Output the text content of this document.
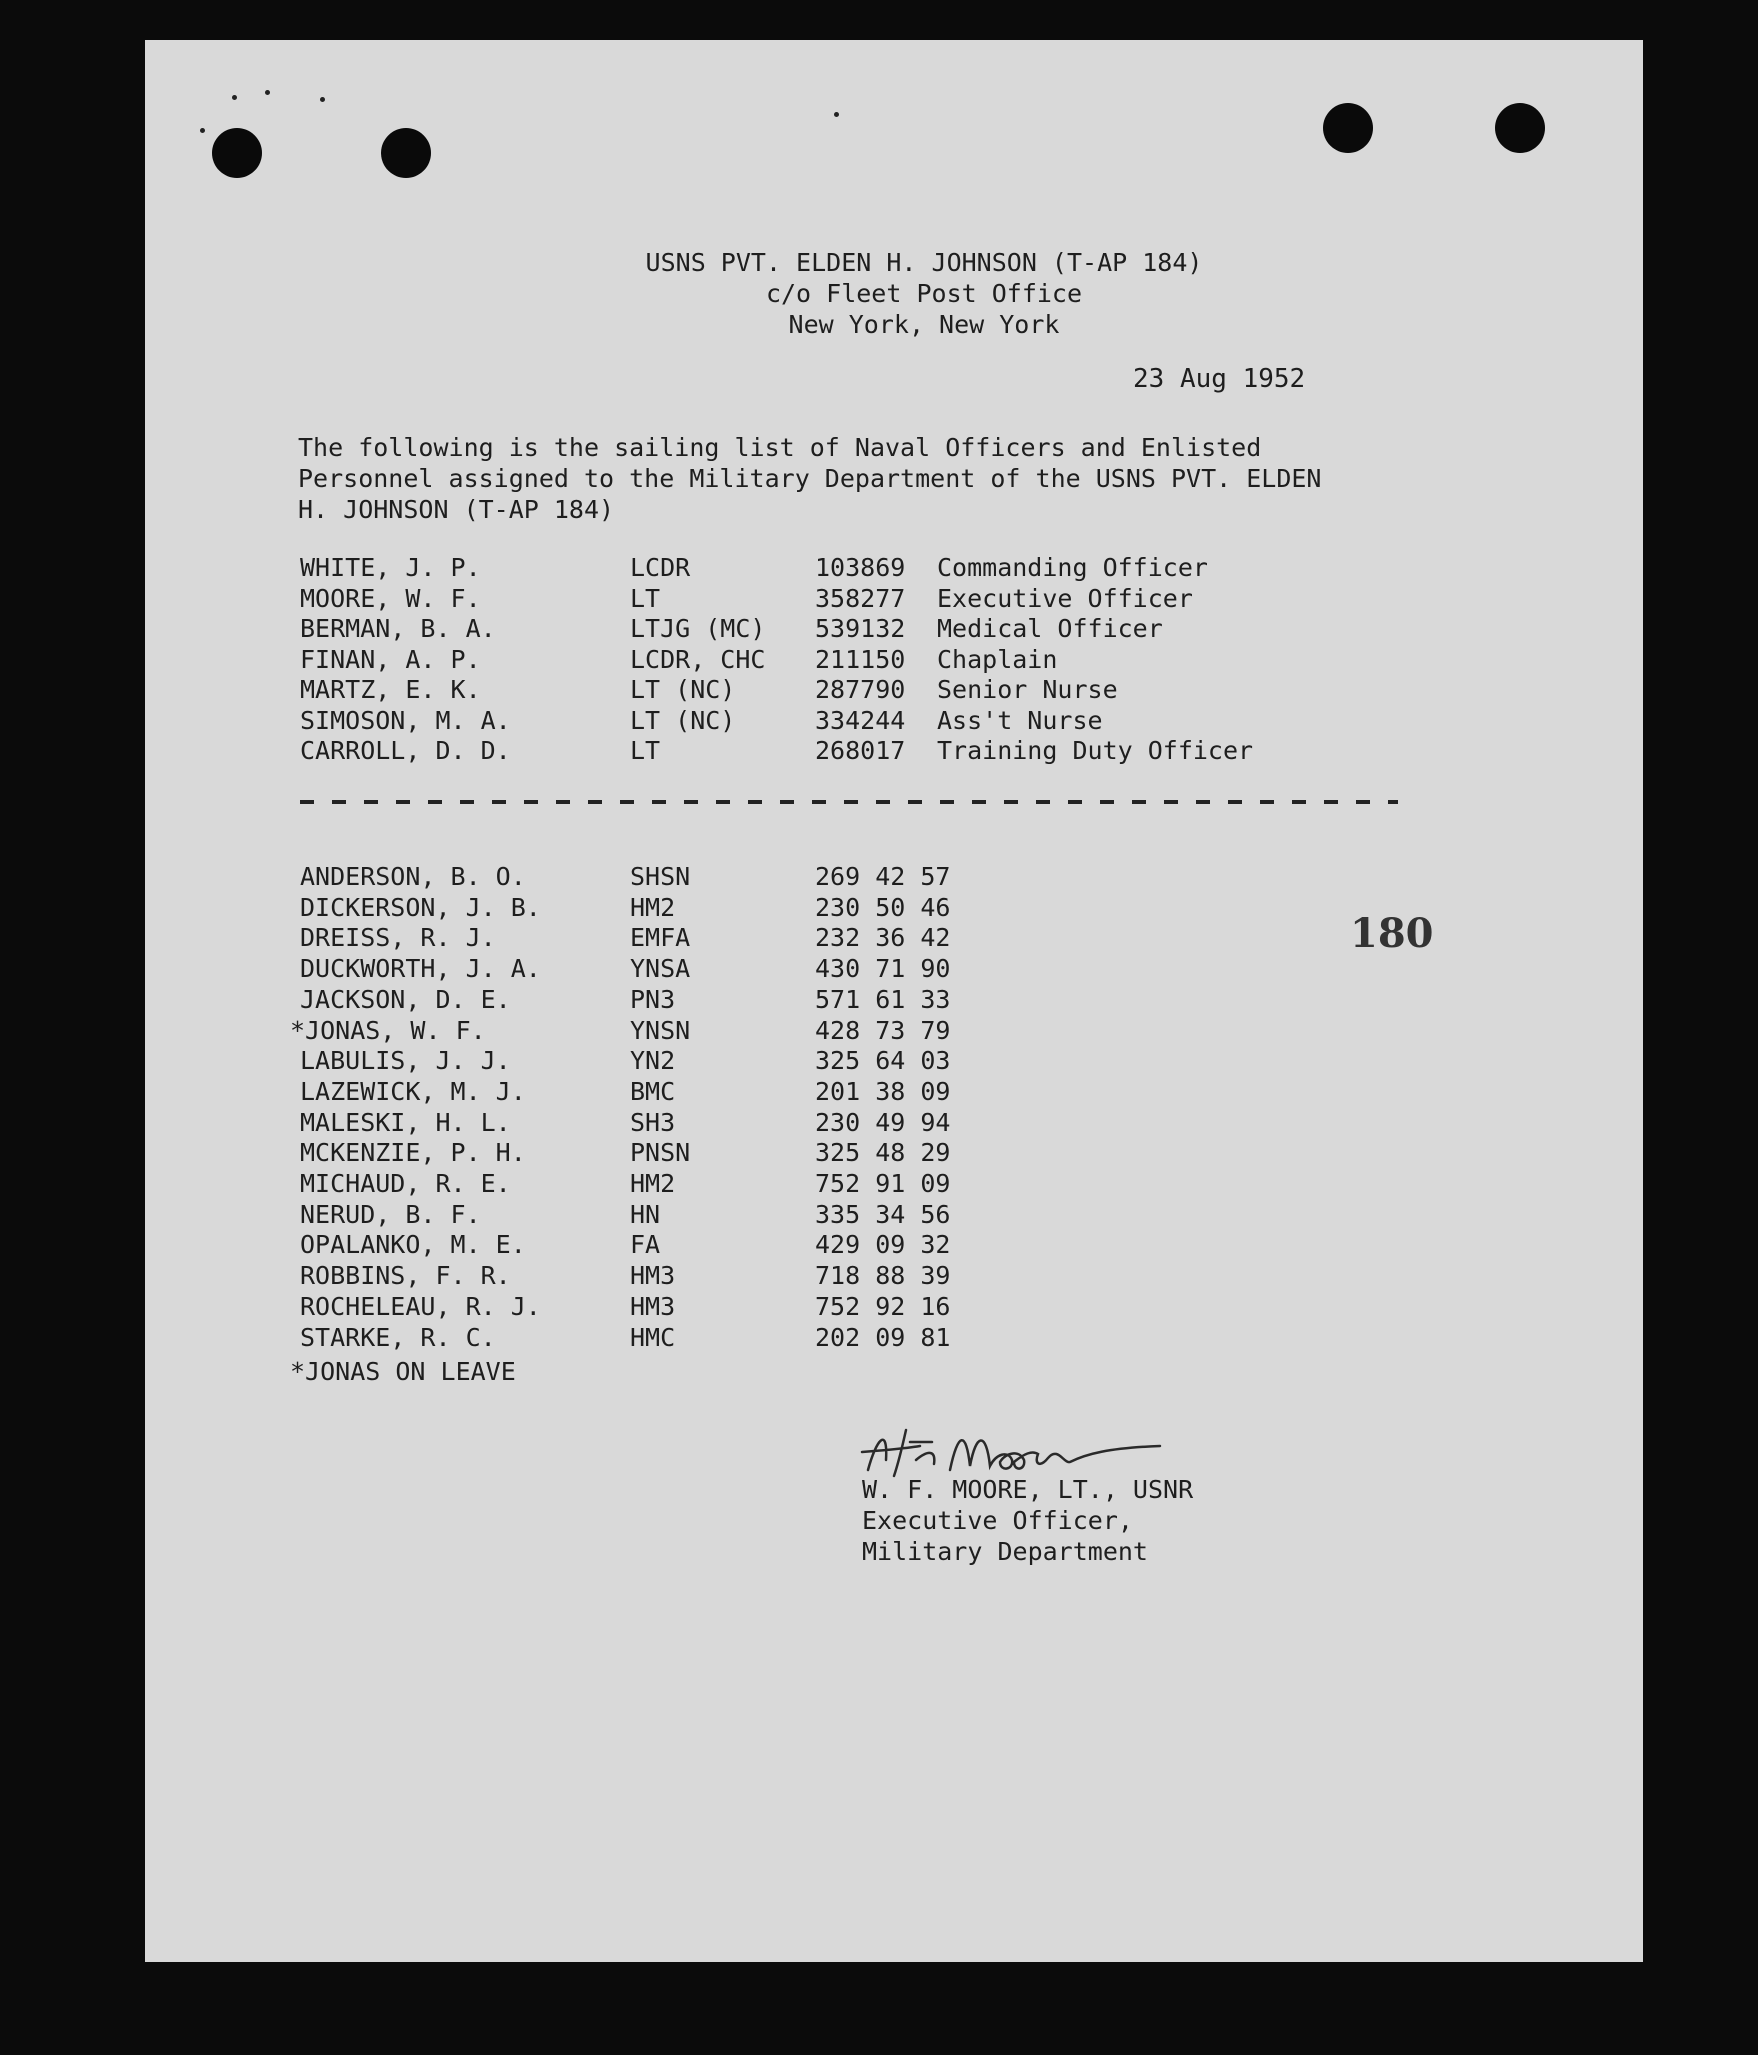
USNS PVT. ELDEN H. JOHNSON (T-AP 184)
c/o Fleet Post Office
New York, New York
23 Aug 1952
The following is the sailing list of Naval Officers and Enlisted
Personnel assigned to the Military Department of the USNS PVT. ELDEN
H. JOHNSON (T-AP 184)
WHITE, J. P.	LCDR	103869 Commanding Officer
MOORE, W. F.	LT	358277 Executive Officer
BERMAN, B. A.	LTJG (MC) 539132 Medical Officer
FINAN, A. P.	LCDR, CHC 211150 Chaplain
MARTZ, E. K.	LT (NC)	287790 Senior Nurse
SIMOSON, M. A.	LT (NC)	334244 Ass't Nurse
CARROLL, D. D.	LT	268017 Training Duty Officer
ANDERSON, B. O.	SHSN	269 42 57
DICKERSON, J. B.	HM2	230 50 46
DREISS, R. J.	EMFA	232 36 42
DUCKWORTH, J. A.	YNSA	430 71 90
JACKSON, D. E.	PN3	571 61 33
*JONAS, W. F.	YNSN	428 73 79
LABULIS, J. J.	YN2	325 64 03
LAZEWICK, M. J.	BMC	201 38 09
MALESKI, H. L.	SH3	230 49 94
MCKENZIE, P. H.	PNSN	325 48 29
MICHAUD, R. E.	HM2	752 91 09
NERUD, B. F.	HN	335 34 56
OPALANKO, M. E.	FA	429 09 32
ROBBINS, F. R.	HM3	718 88 39
ROCHELEAU, R. J.	HM3	752 92 16
STARKE, R. C.	HMC	202 09 81
*JONAS ON LEAVE
180
W. F. MOORE, LT., USNR
Executive Officer,
Military Department
